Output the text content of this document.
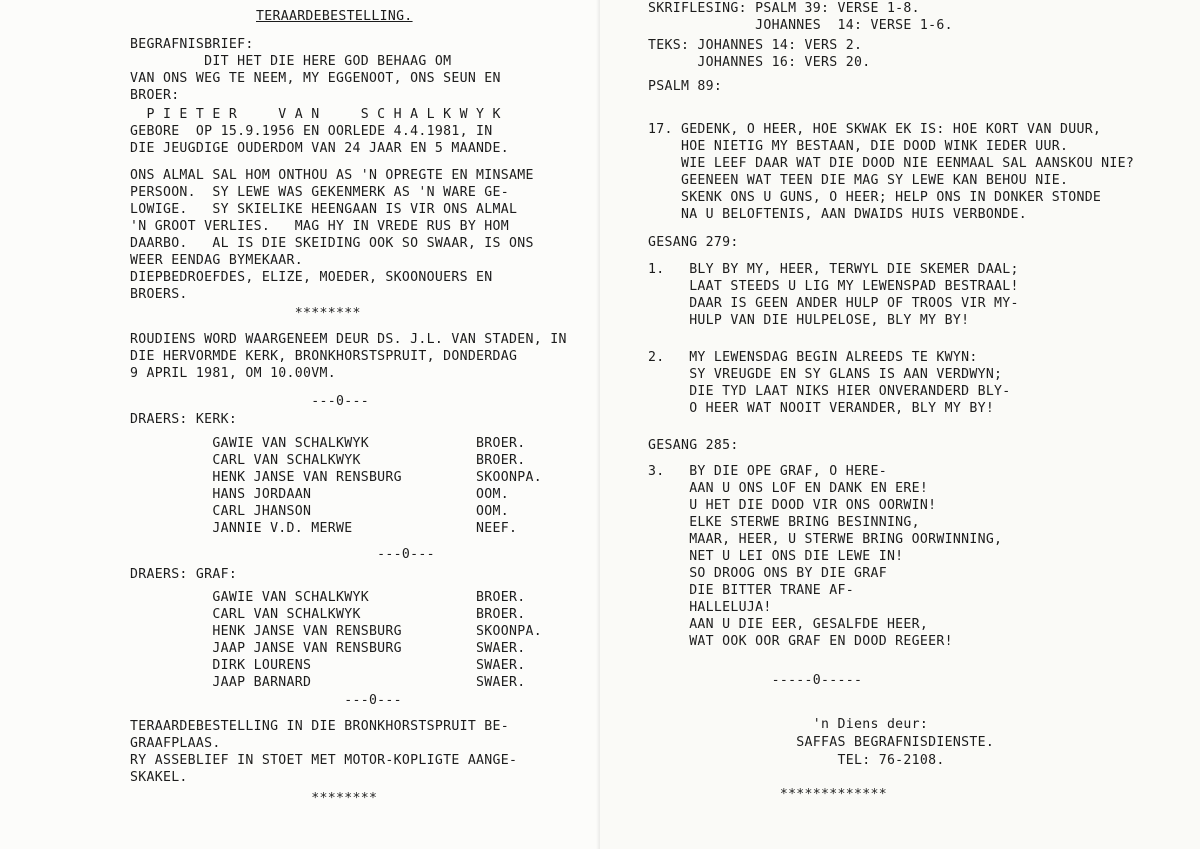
TERAARDEBESTELLING.
BEGRAFNISBRIEF:
DIT HET DIE HERE GOD BEHAAG OM
VAN ONS WEG TE NEEM, MY EGGENOOT, ONS SEUN EN
BROER:
P I E T E R     V A N     S C H A L K W Y K
GEBORE  OP 15.9.1956 EN OORLEDE 4.4.1981, IN
DIE JEUGDIGE OUDERDOM VAN 24 JAAR EN 5 MAANDE.
ONS ALMAL SAL HOM ONTHOU AS 'N OPREGTE EN MINSAME
PERSOON.  SY LEWE WAS GEKENMERK AS 'N WARE GE-
LOWIGE.   SY SKIELIKE HEENGAAN IS VIR ONS ALMAL
'N GROOT VERLIES.   MAG HY IN VREDE RUS BY HOM
DAARBO.   AL IS DIE SKEIDING OOK SO SWAAR, IS ONS
WEER EENDAG BYMEKAAR.
DIEPBEDROEFDES, ELIZE, MOEDER, SKOONOUERS EN
BROERS.
********
ROUDIENS WORD WAARGENEEM DEUR DS. J.L. VAN STADEN, IN
DIE HERVORMDE KERK, BRONKHORSTSPRUIT, DONDERDAG
9 APRIL 1981, OM 10.00VM.
---0---
DRAERS: KERK:
GAWIE VAN SCHALKWYK             BROER.
CARL VAN SCHALKWYK              BROER.
HENK JANSE VAN RENSBURG         SKOONPA.
HANS JORDAAN                    OOM.
CARL JHANSON                    OOM.
JANNIE V.D. MERWE               NEEF.
---0---
DRAERS: GRAF:
GAWIE VAN SCHALKWYK             BROER.
CARL VAN SCHALKWYK              BROER.
HENK JANSE VAN RENSBURG         SKOONPA.
JAAP JANSE VAN RENSBURG         SWAER.
DIRK LOURENS                    SWAER.
JAAP BARNARD                    SWAER.
---0---
TERAARDEBESTELLING IN DIE BRONKHORSTSPRUIT BE-
GRAAFPLAAS.
RY ASSEBLIEF IN STOET MET MOTOR-KOPLIGTE AANGE-
SKAKEL.
********
SKRIFLESING: PSALM 39: VERSE 1-8.
JOHANNES  14: VERSE 1-6.
TEKS: JOHANNES 14: VERS 2.
JOHANNES 16: VERS 20.
PSALM 89:
17. GEDENK, O HEER, HOE SKWAK EK IS: HOE KORT VAN DUUR,
HOE NIETIG MY BESTAAN, DIE DOOD WINK IEDER UUR.
WIE LEEF DAAR WAT DIE DOOD NIE EENMAAL SAL AANSKOU NIE?
GEENEEN WAT TEEN DIE MAG SY LEWE KAN BEHOU NIE.
SKENK ONS U GUNS, O HEER; HELP ONS IN DONKER STONDE
NA U BELOFTENIS, AAN DWAIDS HUIS VERBONDE.
GESANG 279:
1.   BLY BY MY, HEER, TERWYL DIE SKEMER DAAL;
LAAT STEEDS U LIG MY LEWENSPAD BESTRAAL!
DAAR IS GEEN ANDER HULP OF TROOS VIR MY-
HULP VAN DIE HULPELOSE, BLY MY BY!
2.   MY LEWENSDAG BEGIN ALREEDS TE KWYN:
SY VREUGDE EN SY GLANS IS AAN VERDWYN;
DIE TYD LAAT NIKS HIER ONVERANDERD BLY-
O HEER WAT NOOIT VERANDER, BLY MY BY!
GESANG 285:
3.   BY DIE OPE GRAF, O HERE-
AAN U ONS LOF EN DANK EN ERE!
U HET DIE DOOD VIR ONS OORWIN!
ELKE STERWE BRING BESINNING,
MAAR, HEER, U STERWE BRING OORWINNING,
NET U LEI ONS DIE LEWE IN!
SO DROOG ONS BY DIE GRAF
DIE BITTER TRANE AF-
HALLELUJA!
AAN U DIE EER, GESALFDE HEER,
WAT OOK OOR GRAF EN DOOD REGEER!
-----0-----
'n Diens deur:
SAFFAS BEGRAFNISDIENSTE.
TEL: 76-2108.
*************
